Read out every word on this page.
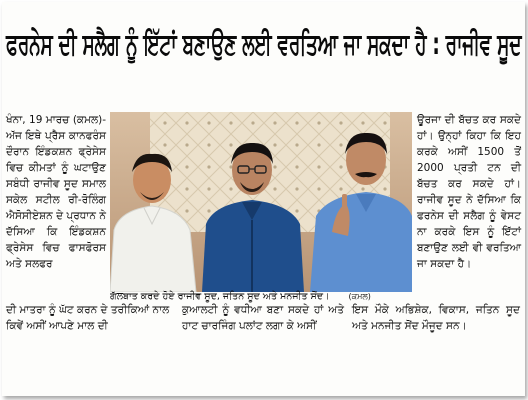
ਫਰਨੇਸ ਦੀ ਸਲੈਗ ਨੂੰ ਇੱਟਾਂ ਬਣਾਉਣ ਲਈ ਵਰਤਿਆ ਜਾ ਸਕਦਾ ਹੈ : ਰਾਜੀਵ ਸੂਦ

ਖੰਨਾ, 19 ਮਾਰਚ (ਕਮਲ)- ਅੱਜ ਇਥੇ ਪ੍ਰੈਸ ਕਾਨਫਰੰਸ ਦੌਰਾਨ ਇੰਡਕਸ਼ਨ ਫ੍ਰੇਸੇਸ ਵਿਚ ਕੀਮਤਾਂ ਨੂੰ ਘਟਾਉਣ ਸਬੰਧੀ ਰਾਜੀਵ ਸੂਦ ਸਮਾਲ ਸਕੇਲ ਸਟੀਲ ਰੀ-ਰੋਲਿੰਗ ਐਸੋਸੀਏਸ਼ਨ ਦੇ ਪ੍ਰਧਾਨ ਨੇ ਦੱਸਿਆ ਕਿ ਇੰਡਕਸ਼ਨ ਫ੍ਰੇਸੇਸ ਵਿਚ ਫਾਸਫੋਰਸ ਅਤੇ ਸਲਫਰ

ਗੱਲਬਾਤ ਕਰਦੇ ਹੋਏ ਰਾਜੀਵ ਸੂਦ, ਜਤਿਨ ਸੂਦ ਅਤੇ ਮਨਜੀਤ ਸੋਂਦ। (ਕਮਲ)

ਊਰਜਾ ਦੀ ਬੱਚਤ ਕਰ ਸਕਦੇ ਹਾਂ। ਉਨ੍ਹਾਂ ਕਿਹਾ ਕਿ ਇਹ ਕਰਕੇ ਅਸੀਂ 1500 ਤੋਂ 2000 ਪ੍ਰਤੀ ਟਨ ਦੀ ਬੱਚਤ ਕਰ ਸਕਦੇ ਹਾਂ। ਰਾਜੀਵ ਸੂਦ ਨੇ ਦੱਸਿਆ ਕਿ ਫਰਨੇਸ ਦੀ ਸਲੈਗ ਨੂੰ ਵੇਸਟ ਨਾ ਕਰਕੇ ਇਸ ਨੂੰ ਇੱਟਾਂ ਬਣਾਉਣ ਲਈ ਵੀ ਵਰਤਿਆ ਜਾ ਸਕਦਾ ਹੈ।

ਦੀ ਮਾਤਰਾ ਨੂੰ ਘੱਟ ਕਰਨ ਦੇ ਤਰੀਕਿਆਂ ਨਾਲ ਕਿਵੇਂ ਅਸੀਂ ਆਪਣੇ ਮਾਲ ਦੀ
ਕੁਆਲਟੀ ਨੂੰ ਵਧੀਆ ਬਣਾ ਸਕਦੇ ਹਾਂ ਅਤੇ ਹਾਟ ਚਾਰਜਿੰਗ ਪਲਾਂਟ ਲਗਾ ਕੇ ਅਸੀਂ
ਇਸ ਮੌਕੇ ਅਭਿਸ਼ੇਕ, ਵਿਕਾਸ, ਜਤਿਨ ਸੂਦ ਅਤੇ ਮਨਜੀਤ ਸੋਂਦ ਮੌਜੂਦ ਸਨ।
